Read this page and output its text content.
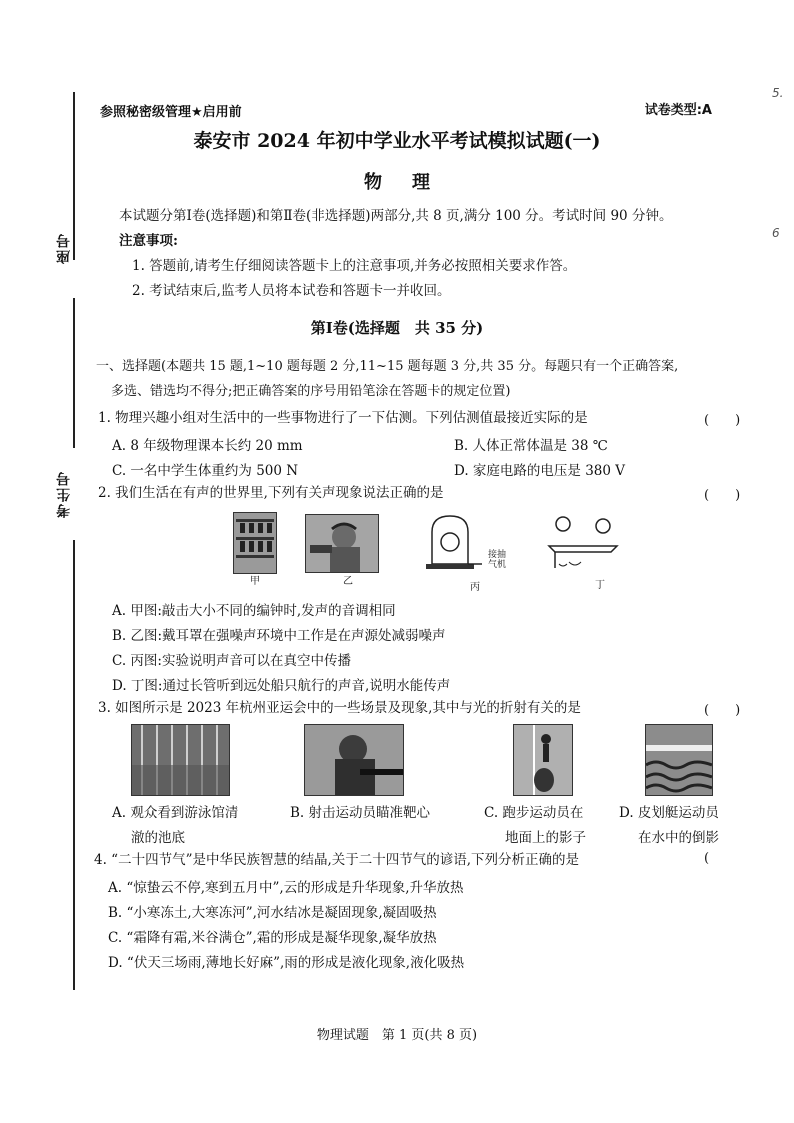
座号
考生号
5.
6
参照秘密级管理★启用前	试卷类型:A
泰安市 2024 年初中学业水平考试模拟试题(一)
物理
本试题分第Ⅰ卷(选择题)和第Ⅱ卷(非选择题)两部分,共 8 页,满分 100 分。考试时间 90 分钟。
注意事项:
1. 答题前,请考生仔细阅读答题卡上的注意事项,并务必按照相关要求作答。
2. 考试结束后,监考人员将本试卷和答题卡一并收回。
第Ⅰ卷(选择题　共 35 分)
一、选择题(本题共 15 题,1~10 题每题 2 分,11~15 题每题 3 分,共 35 分。每题只有一个正确答案,
多选、错选均不得分;把正确答案的序号用铅笔涂在答题卡的规定位置)
1. 物理兴趣小组对生活中的一些事物进行了一下估测。下列估测值最接近实际的是	(　　)
A. 8 年级物理课本长约 20 mm	B. 人体正常体温是 38 ℃
C. 一名中学生体重约为 500 N	D. 家庭电路的电压是 380 V
2. 我们生活在有声的世界里,下列有关声现象说法正确的是	(　　)
甲	乙
接抽气机
丙	丁
A. 甲图:敲击大小不同的编钟时,发声的音调相同
B. 乙图:戴耳罩在强噪声环境中工作是在声源处减弱噪声
C. 丙图:实验说明声音可以在真空中传播
D. 丁图:通过长管听到远处船只航行的声音,说明水能传声
3. 如图所示是 2023 年杭州亚运会中的一些场景及现象,其中与光的折射有关的是	(　　)
A. 观众看到游泳馆清
澈的池底
B. 射击运动员瞄准靶心	C. 跑步运动员在
地面上的影子
D. 皮划艇运动员
在水中的倒影
4. “二十四节气”是中华民族智慧的结晶,关于二十四节气的谚语,下列分析正确的是	(
A. “惊蛰云不停,寒到五月中”,云的形成是升华现象,升华放热
B. “小寒冻土,大寒冻河”,河水结冰是凝固现象,凝固吸热
C. “霜降有霜,米谷满仓”,霜的形成是凝华现象,凝华放热
D. “伏天三场雨,薄地长好麻”,雨的形成是液化现象,液化吸热
物理试题　第 1 页(共 8 页)
